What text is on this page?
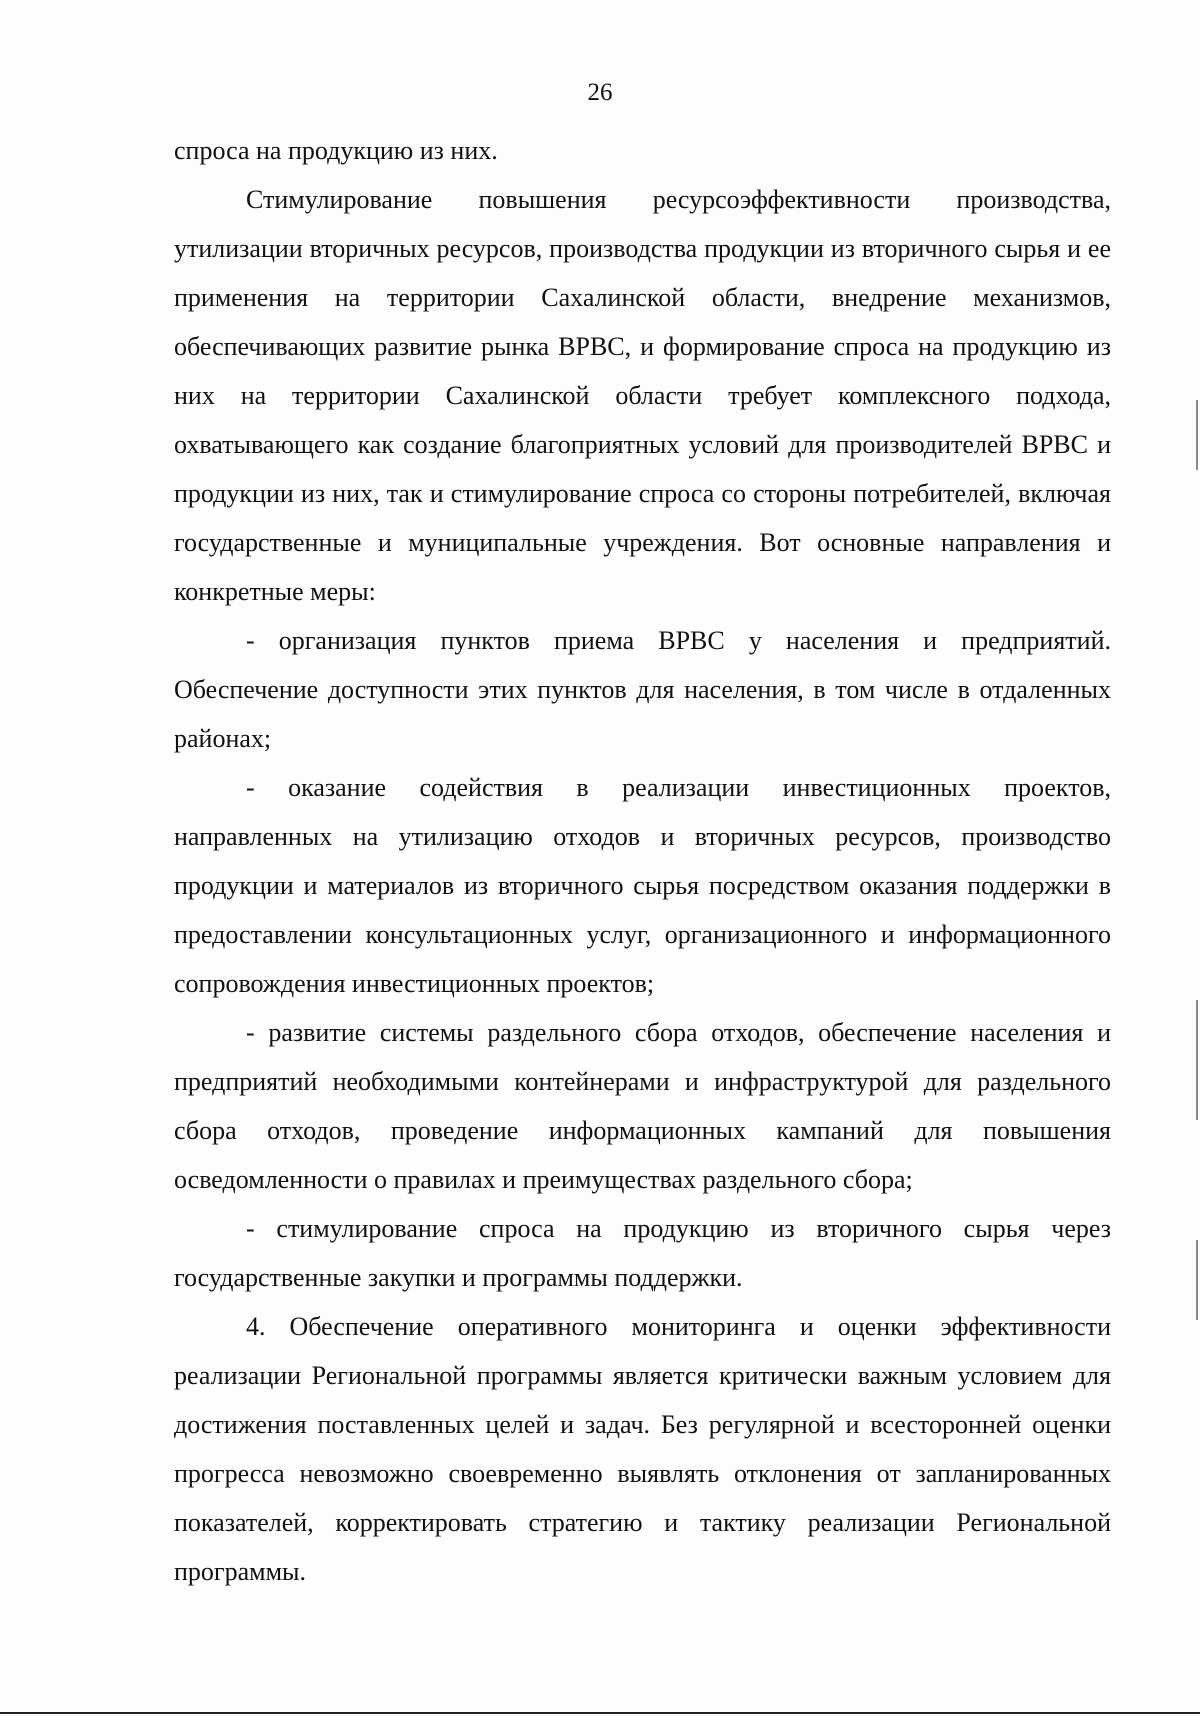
26

спроса на продукцию из них.

Стимулирование повышения ресурсоэффективности производства, утилизации вторичных ресурсов, производства продукции из вторичного сырья и ее применения на территории Сахалинской области, внедрение механизмов, обеспечивающих развитие рынка ВРВС, и формирование спроса на продукцию из них на территории Сахалинской области требует комплексного подхода, охватывающего как создание благоприятных условий для производителей ВРВС и продукции из них, так и стимулирование спроса со стороны потребителей, включая государственные и муниципальные учреждения. Вот основные направления и конкретные меры:

- организация пунктов приема ВРВС у населения и предприятий. Обеспечение доступности этих пунктов для населения, в том числе в отдаленных районах;

- оказание содействия в реализации инвестиционных проектов, направленных на утилизацию отходов и вторичных ресурсов, производство продукции и материалов из вторичного сырья посредством оказания поддержки в предоставлении консультационных услуг, организационного и информационного сопровождения инвестиционных проектов;

- развитие системы раздельного сбора отходов, обеспечение населения и предприятий необходимыми контейнерами и инфраструктурой для раздельного сбора отходов, проведение информационных кампаний для повышения осведомленности о правилах и преимуществах раздельного сбора;

- стимулирование спроса на продукцию из вторичного сырья через государственные закупки и программы поддержки.

4. Обеспечение оперативного мониторинга и оценки эффективности реализации Региональной программы является критически важным условием для достижения поставленных целей и задач. Без регулярной и всесторонней оценки прогресса невозможно своевременно выявлять отклонения от запланированных показателей, корректировать стратегию и тактику реализации Региональной программы.
